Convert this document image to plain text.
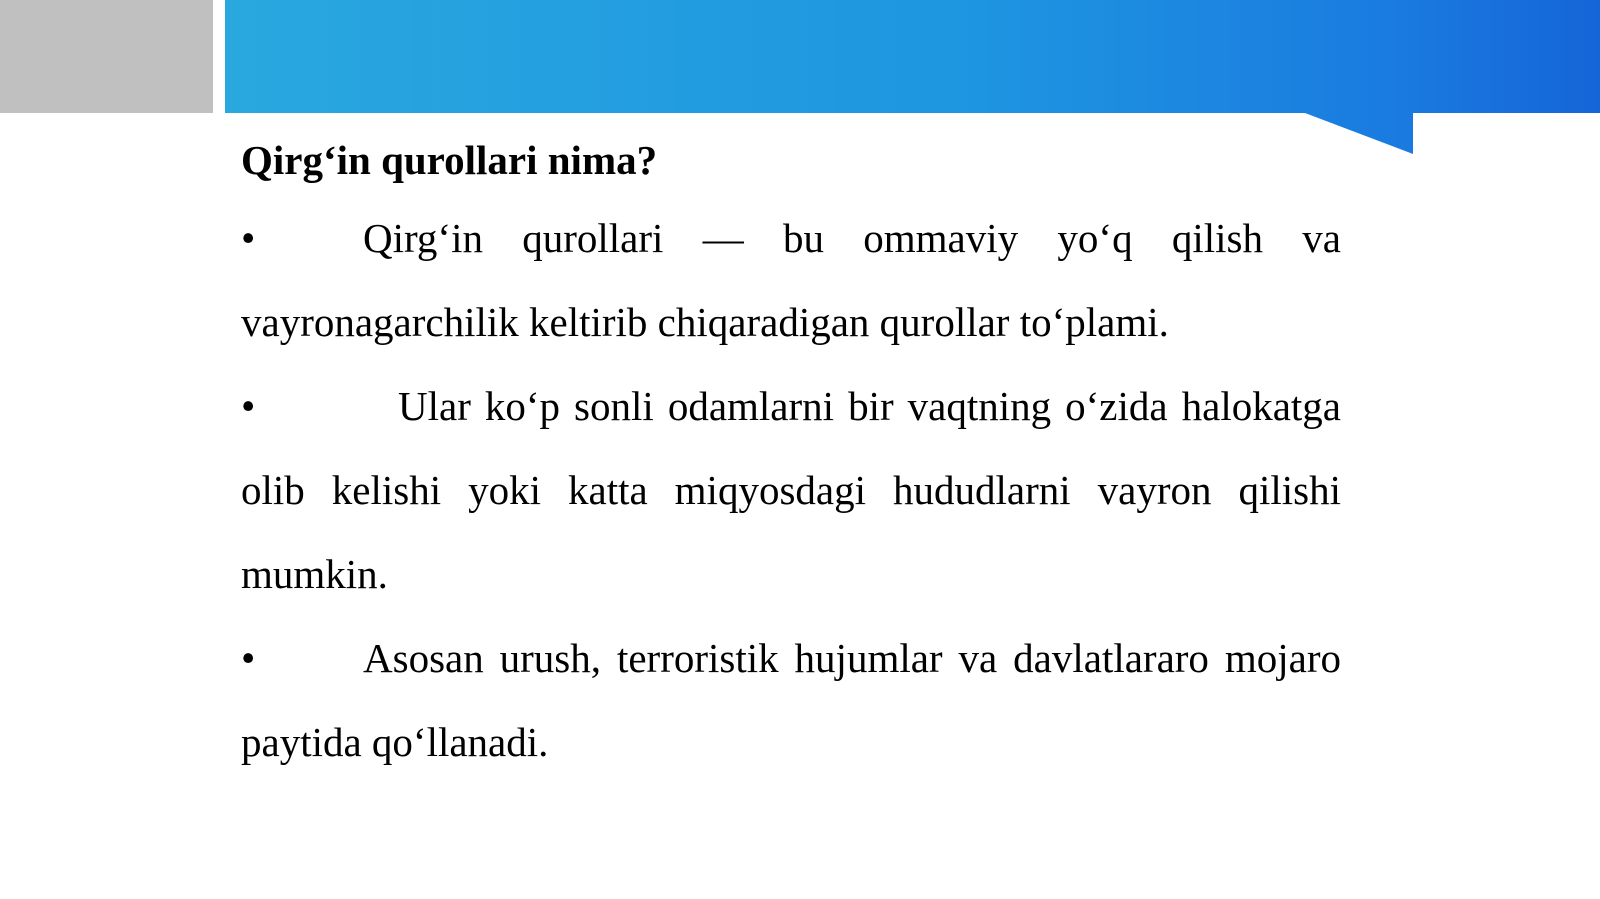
Qirg‘in qurollari nima?

•	Qirg‘in qurollari — bu ommaviy yo‘q qilish va vayronagarchilik keltirib chiqaradigan qurollar to‘plami.

•	Ular ko‘p sonli odamlarni bir vaqtning o‘zida halokatga olib kelishi yoki katta miqyosdagi hududlarni vayron qilishi mumkin.

•	Asosan urush, terroristik hujumlar va davlatlararo mojaro paytida qo‘llanadi.
